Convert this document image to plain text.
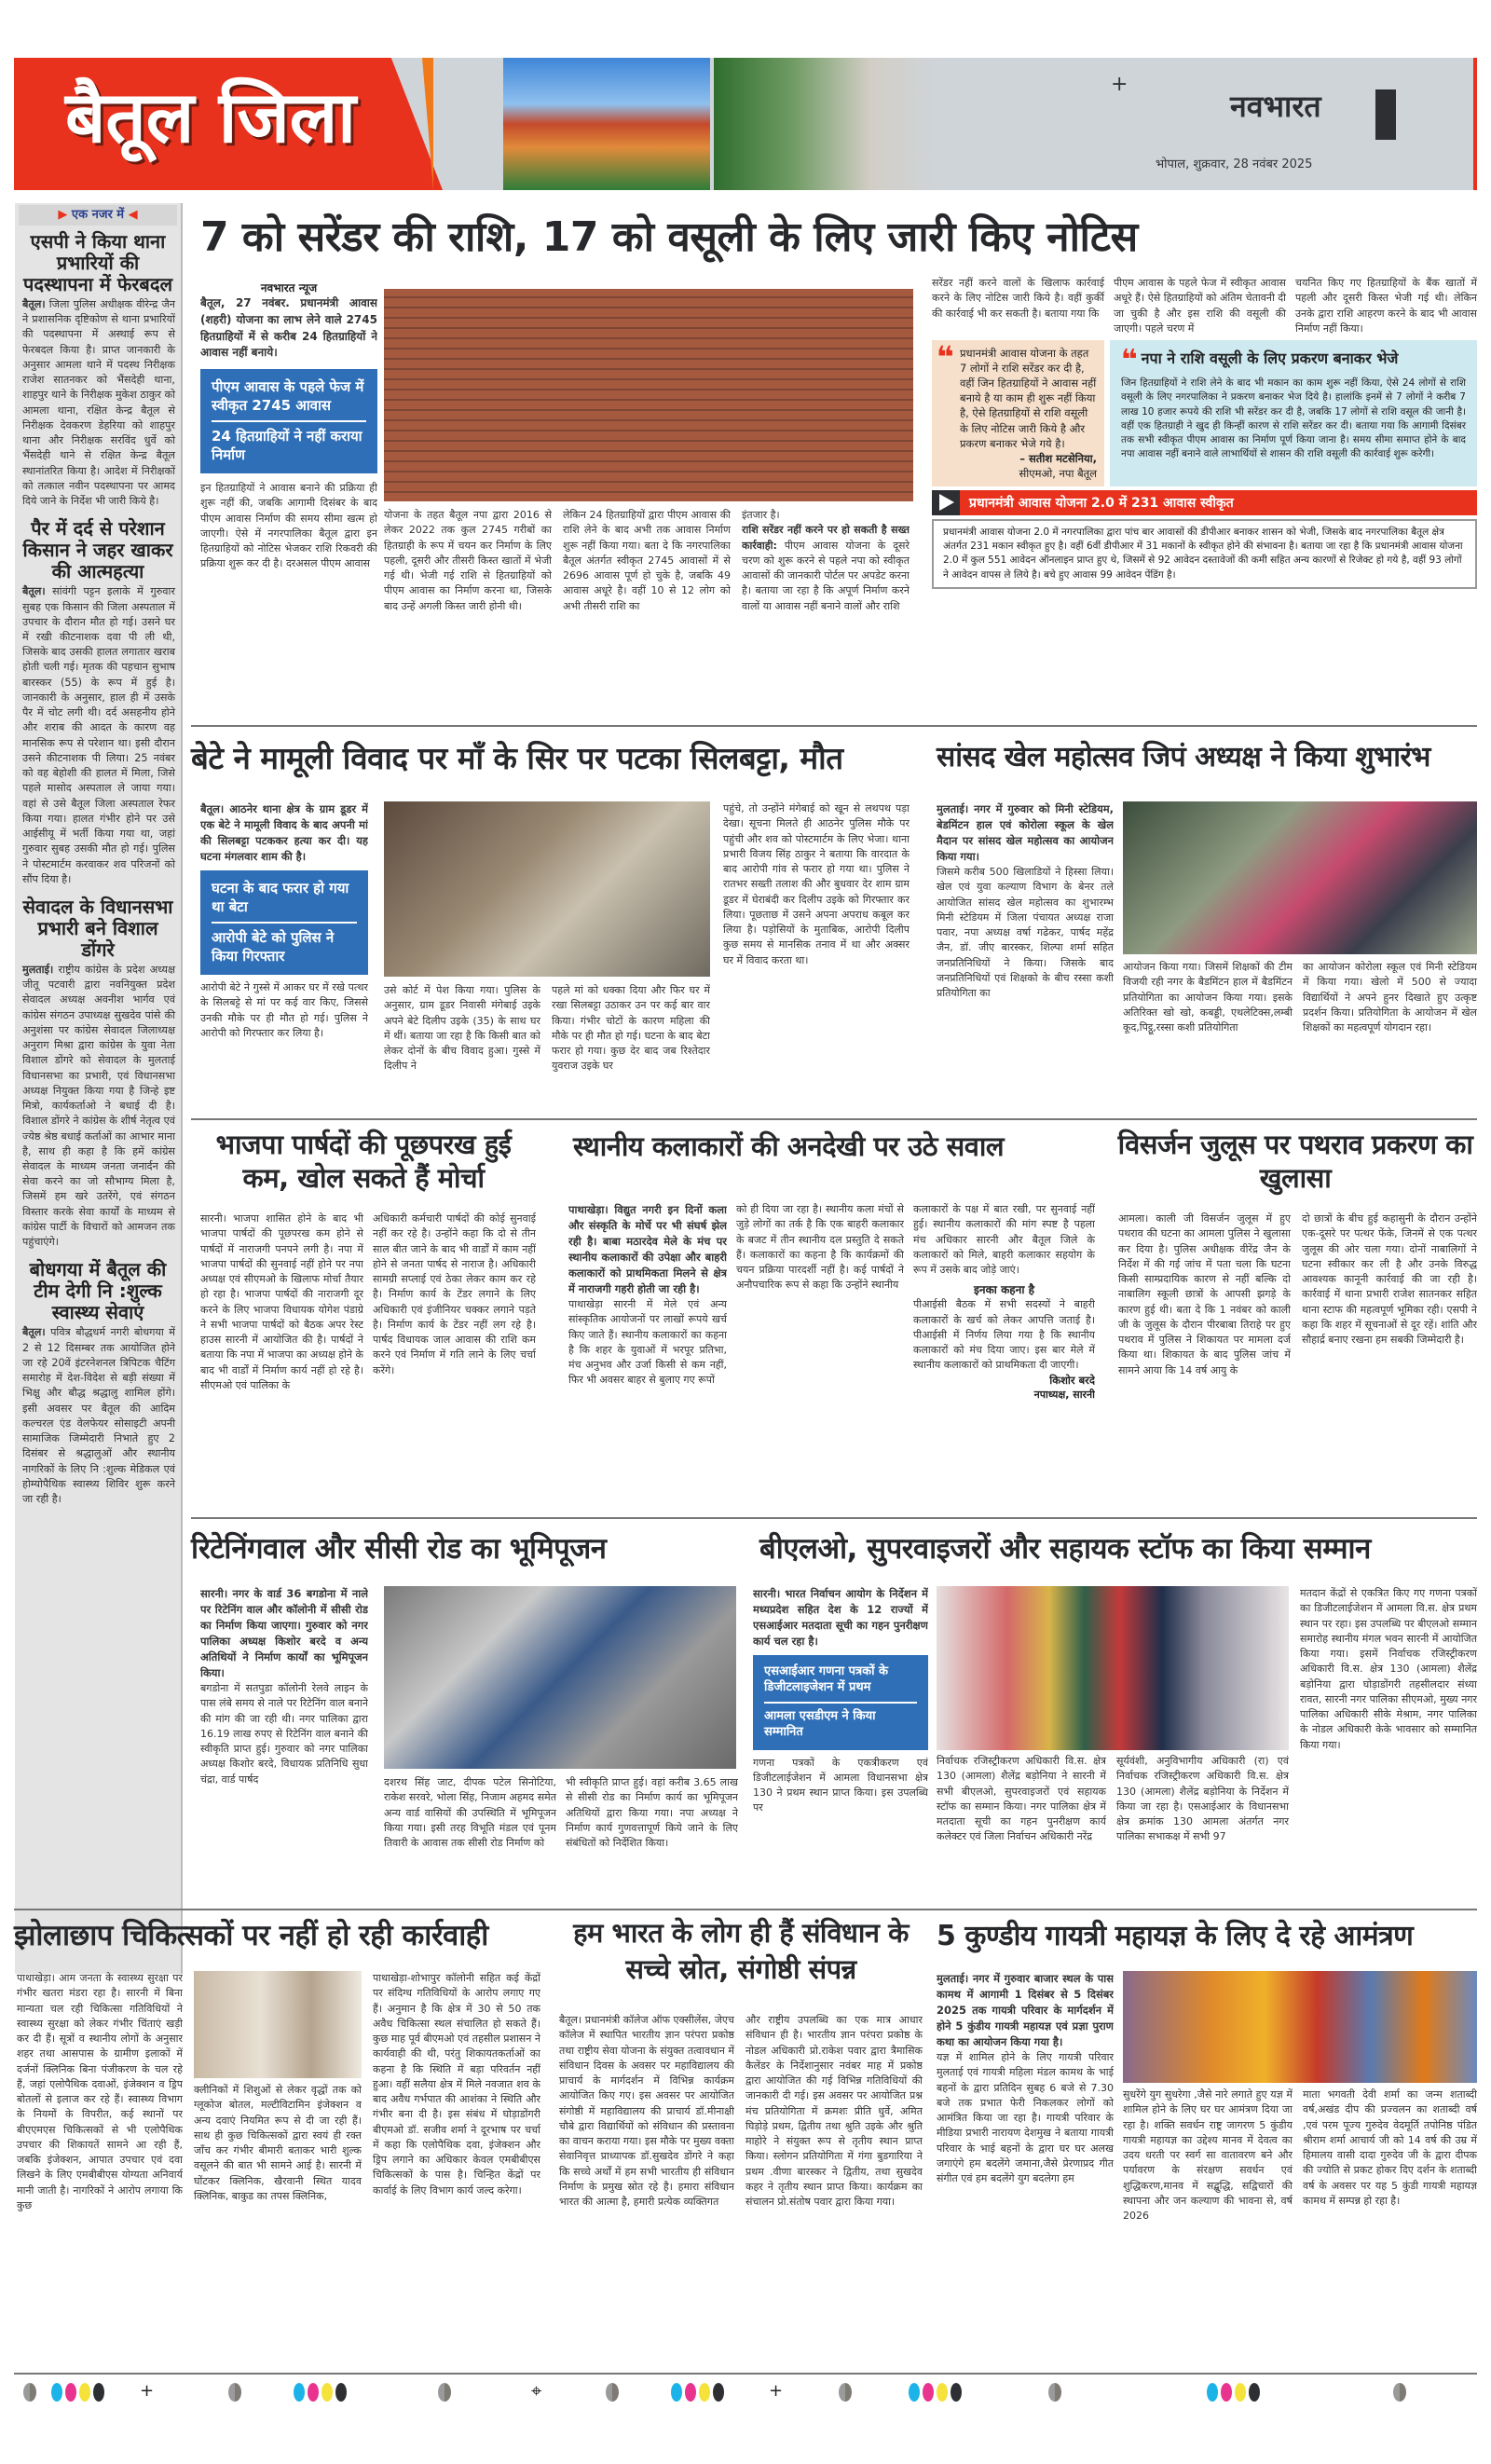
बैतूल जिला	+
नवभारत
भोपाल, शुक्रवार, 28 नवंबर 2025
▶ एक नजर में ◀
एसपी ने किया थाना प्रभारियों की पदस्थापना में फेरबदल
बैतूल। जिला पुलिस अधीक्षक वीरेन्द्र जैन ने प्रशासनिक दृष्टिकोण से थाना प्रभारियों की पदस्थापना में अस्थाई रूप से फेरबदल किया है। प्राप्त जानकारी के अनुसार आमला थाने में पदस्थ निरीक्षक राजेश सातनकर को भैंसदेही थाना, शाहपुर थाने के निरीक्षक मुकेश ठाकुर को आमला थाना, रक्षित केन्द्र बैतूल से निरीक्षक देवकरण डेहरिया को शाहपुर थाना और निरीक्षक सरविंद धुर्वे को भैंसदेही थाने से रक्षित केन्द्र बैतूल स्थानांतरित किया है। आदेश में निरीक्षकों को तत्काल नवीन पदस्थापना पर आमद दिये जाने के निर्देश भी जारी किये है।
पैर में दर्द से परेशान किसान ने जहर खाकर की आत्महत्या
बैतूल। सांवंगी पट्टन इलाके में गुरुवार सुबह एक किसान की जिला अस्पताल में उपचार के दौरान मौत हो गई। उसने घर में रखी कीटनाशक दवा पी ली थी, जिसके बाद उसकी हालत लगातार खराब होती चली गई। मृतक की पहचान सुभाष बारस्कर (55) के रूप में हुई है। जानकारी के अनुसार, हाल ही में उसके पैर में चोट लगी थी। दर्द असहनीय होने और शराब की आदत के कारण वह मानसिक रूप से परेशान था। इसी दौरान उसने कीटनाशक पी लिया। 25 नवंबर को वह बेहोशी की हालत में मिला, जिसे पहले मासोद अस्पताल ले जाया गया। वहां से उसे बैतूल जिला अस्पताल रेफर किया गया। हालत गंभीर होने पर उसे आईसीयू में भर्ती किया गया था, जहां गुरुवार सुबह उसकी मौत हो गई। पुलिस ने पोस्टमार्टम करवाकर शव परिजनों को सौंप दिया है।
सेवादल के विधानसभा प्रभारी बने विशाल डोंगरे
मुलताई। राष्ट्रीय कांग्रेस के प्रदेश अध्यक्ष जीतू पटवारी द्वारा नवनियुक्त प्रदेश सेवादल अध्यक्ष अवनीश भार्गव एवं कांग्रेस संगठन उपाध्यक्ष सुखदेव पांसे की अनुशंसा पर कांग्रेस सेवादल जिलाध्यक्ष अनुराग मिश्रा द्वारा कांग्रेस के युवा नेता विशाल डोंगरे को सेवादल के मुलताई विधानसभा का प्रभारी, एवं विधानसभा अध्यक्ष नियुक्त किया गया है जिन्हे इष्ट मित्रो, कार्यकर्ताओ ने बधाई दी है। विशाल डोंगरे ने कांग्रेस के शीर्ष नेतृत्व एवं ज्येष्ठ श्रेष्ठ बधाई कर्ताओं का आभार माना है, साथ ही कहा है कि हमें कांग्रेस सेवादल के माध्यम जनता जनार्दन की सेवा करने का जो सौभाग्य मिला है, जिसमें हम खरे उतरेंगे, एवं संगठन विस्तार करके सेवा कार्यों के माध्यम से कांग्रेस पार्टी के विचारों को आमजन तक पहुंचाएंगे।
बोधगया में बैतूल की टीम देगी नि :शुल्क स्वास्थ्य सेवाएं
बैतूल। पवित्र बौद्धधर्म नगरी बोधगया में 2 से 12 दिसम्बर तक आयोजित होने जा रहे 20वें इंटरनेशनल त्रिपिटक चैटिंग समारोह में देश-विदेश से बड़ी संख्या में भिक्षु और बौद्ध श्रद्धालु शामिल होंगे। इसी अवसर पर बैतूल की आदिम कल्चरल एंड वेलफेयर सोसाइटी अपनी सामाजिक जिम्मेदारी निभाते हुए 2 दिसंबर से श्रद्धालुओं और स्थानीय नागरिकों के लिए नि :शुल्क मेडिकल एवं होम्योपैथिक स्वास्थ्य शिविर शुरू करने जा रही है।
7 को सरेंडर की राशि, 17 को वसूली के लिए जारी किए नोटिस
नवभारत न्यूज
बैतूल, 27 नवंबर. प्रधानमंत्री आवास (शहरी) योजना का लाभ लेने वाले 2745 हितग्राहियों में से करीब 24 हितग्राहियों ने आवास नहीं बनाये।
पीएम आवास के पहले फेज में स्वीकृत 2745 आवास
24 हितग्राहियों ने नहीं कराया निर्माण
इन हितग्राहियों ने आवास बनाने की प्रक्रिया ही शुरू नहीं की, जबकि आगामी दिसंबर के बाद पीएम आवास निर्माण की समय सीमा खत्म हो जाएगी। ऐसे में नगरपालिका बैतूल द्वारा इन हितग्राहियों को नोटिस भेजकर राशि रिकवरी की प्रक्रिया शुरू कर दी है। दरअसल पीएम आवास
योजना के तहत बैतूल नपा द्वारा 2016 से लेकर 2022 तक कुल 2745 गरीबों का हितग्राही के रूप में चयन कर निर्माण के लिए पहली, दूसरी और तीसरी किस्त खातों में भेजी गई थी। भेजी गई राशि से हितग्राहियों को पीएम आवास का निर्माण करना था, जिसके बाद उन्हें अगली किस्त जारी होनी थी।
लेकिन 24 हितग्राहियों द्वारा पीएम आवास की राशि लेने के बाद अभी तक आवास निर्माण शुरू नहीं किया गया। बता दे कि नगरपालिका बैतूल अंतर्गत स्वीकृत 2745 आवासों में से 2696 आवास पूर्ण हो चुके है, जबकि 49 आवास अधूरे है। वहीं 10 से 12 लोग को अभी तीसरी राशि का
इंतजार है।
राशि सरेंडर नहीं करने पर हो सकती है सख्त कार्रवाही: पीएम आवास योजना के दूसरे चरण को शुरू करने से पहले नपा को स्वीकृत आवासों की जानकारी पोर्टल पर अपडेट करना है। बताया जा रहा है कि अपूर्ण निर्माण करने वालों या आवास नहीं बनाने वालों और राशि
सरेंडर नहीं करने वालों के खिलाफ कार्रवाई करने के लिए नोटिस जारी किये है। वहीं कुर्की की कार्रवाई भी कर सकती है। बताया गया कि
पीएम आवास के पहले फेज में स्वीकृत आवास अधूरे हैं। ऐसे हितग्राहियों को अंतिम चेतावनी दी जा चुकी है और इस राशि की वसूली की जाएगी। पहले चरण में
चयनित किए गए हितग्राहियों के बैंक खातों में पहली और दूसरी किस्त भेजी गई थी। लेकिन उनके द्वारा राशि आहरण करने के बाद भी आवास निर्माण नहीं किया।
❝ प्रधानमंत्री आवास योजना के तहत 7 लोगों ने राशि सरेंडर कर दी है, वहीं जिन हितग्राहियों ने आवास नहीं बनाये है या काम ही शुरू नहीं किया है, ऐसे हितग्राहियों से राशि वसूली के लिए नोटिस जारी किये है और प्रकरण बनाकर भेजे गये है।
– सतीश मटसेनिया,
सीएमओ, नपा बैतूल
❝ नपा ने राशि वसूली के लिए प्रकरण बनाकर भेजे
जिन हितग्राहियों ने राशि लेने के बाद भी मकान का काम शुरू नहीं किया, ऐसे 24 लोगों से राशि वसूली के लिए नगरपालिका ने प्रकरण बनाकर भेज दिये है। हालांकि इनमें से 7 लोगों ने करीब 7 लाख 10 हजार रूपये की राशि भी सरेंडर कर दी है, जबकि 17 लोगों से राशि वसूल की जानी है। वहीं एक हितग्राही ने खुद ही किन्हीं कारण से राशि सरेंडर कर दी। बताया गया कि आगामी दिसंबर तक सभी स्वीकृत पीएम आवास का निर्माण पूर्ण किया जाना है। समय सीमा समाप्त होने के बाद नपा आवास नहीं बनाने वाले लाभार्थियों से शासन की राशि वसूली की कार्रवाई शुरू करेगी।
प्रधानमंत्री आवास योजना 2.0 में 231 आवास स्वीकृत
प्रधानमंत्री आवास योजना 2.0 में नगरपालिका द्वारा पांच बार आवासों की डीपीआर बनाकर शासन को भेजी, जिसके बाद नगरपालिका बैतूल क्षेत्र अंतर्गत 231 मकान स्वीकृत हुए है। वहीं 6वीं डीपीआर में 31 मकानों के स्वीकृत होने की संभावना है। बताया जा रहा है कि प्रधानमंत्री आवास योजना 2.0 में कुल 551 आवेदन ऑनलाइन प्राप्त हुए थे, जिसमें से 92 आवेदन दस्तावेजों की कमी सहित अन्य कारणों से रिजेक्ट हो गये है, वहीं 93 लोगों ने आवेदन वापस ले लिये है। बचे हुए आवास 99 आवेदन पेंडिंग है।
बेटे ने मामूली विवाद पर माँ के सिर पर पटका सिलबट्टा, मौत
बैतूल। आठनेर थाना क्षेत्र के ग्राम डूडर में एक बेटे ने मामूली विवाद के बाद अपनी मां की सिलबट्टा पटककर हत्या कर दी। यह घटना मंगलवार शाम की है।
घटना के बाद फरार हो गया था बेटा
आरोपी बेटे को पुलिस ने किया गिरफ्तार
आरोपी बेटे ने गुस्से में आकर घर में रखे पत्थर के सिलबट्टे से मां पर कई वार किए, जिससे उनकी मौके पर ही मौत हो गई। पुलिस ने आरोपी को गिरफ्तार कर लिया है।
उसे कोर्ट में पेश किया गया। पुलिस के अनुसार, ग्राम डूडर निवासी मंगेबाई उइके अपने बेटे दिलीप उइके (35) के साथ घर में थीं। बताया जा रहा है कि किसी बात को लेकर दोनों के बीच विवाद हुआ। गुस्से में दिलीप ने
पहले मां को धक्का दिया और फिर घर में रखा सिलबट्टा उठाकर उन पर कई बार वार किया। गंभीर चोटों के कारण महिला की मौके पर ही मौत हो गई। घटना के बाद बेटा फरार हो गया। कुछ देर बाद जब रिश्तेदार युवराज उइके घर
पहुंचे, तो उन्होंने मंगेबाई को खून से लथपथ पड़ा देखा। सूचना मिलते ही आठनेर पुलिस मौके पर पहुंची और शव को पोस्टमार्टम के लिए भेजा। थाना प्रभारी विजय सिंह ठाकुर ने बताया कि वारदात के बाद आरोपी गांव से फरार हो गया था। पुलिस ने रातभर सख्ती तलाश की और बुधवार देर शाम ग्राम डूडर में घेराबंदी कर दिलीप उइके को गिरफ्तार कर लिया। पूछताछ में उसने अपना अपराध कबूल कर लिया है। पड़ोसियों के मुताबिक, आरोपी दिलीप कुछ समय से मानसिक तनाव में था और अक्सर घर में विवाद करता था।
सांसद खेल महोत्सव जिपं अध्यक्ष ने किया शुभारंभ
मुलताई। नगर में गुरुवार को मिनी स्टेडियम, बेडमिंटन हाल एवं कोरोला स्कूल के खेल मैदान पर सांसद खेल महोत्सव का आयोजन किया गया।
जिसमे करीब 500 खिलाडियों ने हिस्सा लिया। खेल एवं युवा कल्याण विभाग के बेनर तले आयोजित सांसद खेल महोत्सव का शुभारम्भ मिनी स्टेडियम में जिला पंचायत अध्यक्ष राजा पवार, नपा अध्यक्ष वर्षा गढेकर, पार्षद महेंद्र जैन, डॉ. जीए बारस्कर, शिल्पा शर्मा सहित जनप्रतिनिधियों ने किया। जिसके बाद जनप्रतिनिधियों एवं शिक्षको के बीच रस्सा कशी प्रतियोगिता का
आयोजन किया गया। जिसमें शिक्षकों की टीम विजयी रही नगर के बैडमिंटन हाल में बैडमिंटन प्रतियोगिता का आयोजन किया गया। इसके अतिरिक्त खो खो, कबड्डी, एथलेटिक्स,लम्बी कूद,पिट्ठू,रस्सा कशी प्रतियोगिता
का आयोजन कोरोला स्कूल एवं मिनी स्टेडियम में किया गया। खेलो में 500 से ज्यादा विद्यार्थियों ने अपने हुनर दिखाते हुए उत्कृष्ट प्रदर्शन किया। प्रतियोगिता के आयोजन में खेल शिक्षकों का महत्वपूर्ण योगदान रहा।
भाजपा पार्षदों की पूछपरख हुई कम, खोल सकते हैं मोर्चा
सारनी। भाजपा शासित होने के बाद भी भाजपा पार्षदों की पूछपरख कम होने से पार्षदों में नाराजगी पनपने लगी है। नपा में भाजपा पार्षदों की सुनवाई नहीं होने पर नपा अध्यक्ष एवं सीएमओ के खिलाफ मोर्चा तैयार हो रहा है। भाजपा पार्षदों की नाराजगी दूर करने के लिए भाजपा विधायक योगेश पंडाग्रे ने सभी भाजपा पार्षदों को बैठक अपर रेस्ट हाउस सारनी में आयोजित की है। पार्षदों ने बताया कि नपा में भाजपा का अध्यक्ष होने के बाद भी वार्डों में निर्माण कार्य नहीं हो रहे है। सीएमओ एवं पालिका के
अधिकारी कर्मचारी पार्षदों की कोई सुनवाई नहीं कर रहे है। उन्होंने कहा कि दो से तीन साल बीत जाने के बाद भी वार्डों में काम नहीं होने से जनता पार्षद से नाराज है। अधिकारी सामग्री सप्लाई एवं ठेका लेकर काम कर रहे है। निर्माण कार्य के टेंडर लगाने के लिए अधिकारी एवं इंजीनियर चक्कर लगाने पड़ते है। निर्माण कार्य के टेंडर नहीं लग रहे है। पार्षद विधायक जाल आवास की राशि कम करने एवं निर्माण में गति लाने के लिए चर्चा करेंगे।
स्थानीय कलाकारों की अनदेखी पर उठे सवाल
पाथाखेड़ा। विद्युत नगरी इन दिनों कला और संस्कृति के मोर्चे पर भी संघर्ष झेल रही है। बाबा मठारदेव मेले के मंच पर स्थानीय कलाकारों की उपेक्षा और बाहरी कलाकारों को प्राथमिकता मिलने से क्षेत्र में नाराजगी गहरी होती जा रही है।
पाथाखेड़ा सारनी में मेले एवं अन्य सांस्कृतिक आयोजनों पर लाखों रूपये खर्च किए जाते हैं। स्थानीय कलाकारों का कहना है कि शहर के युवाओं में भरपूर प्रतिभा, मंच अनुभव और उर्जा किसी से कम नहीं, फिर भी अवसर बाहर से बुलाए गए रूपों
को ही दिया जा रहा है। स्थानीय कला मंचों से जुड़े लोगों का तर्क है कि एक बाहरी कलाकार के बजट में तीन स्थानीय दल प्रस्तुति दे सकते हैं। कलाकारों का कहना है कि कार्यक्रमों की चयन प्रक्रिया पारदर्शी नहीं है। कई पार्षदों ने अनौपचारिक रूप से कहा कि उन्होंने स्थानीय
कलाकारों के पक्ष में बात रखी, पर सुनवाई नहीं हुई। स्थानीय कलाकारों की मांग स्पष्ट है पहला मंच अधिकार सारनी और बैतूल जिले के कलाकारों को मिले, बाहरी कलाकार सहयोग के रूप में उसके बाद जोड़े जाएं।
इनका कहना है
पीआईसी बैठक में सभी सदस्यों ने बाहरी कलाकारों के खर्च को लेकर आपत्ति जताई है। पीआईसी में निर्णय लिया गया है कि स्थानीय कलाकारों को मंच दिया जाए। इस बार मेले में स्थानीय कलाकारों को प्राथमिकता दी जाएगी।
किशोर बरदे
नपाध्यक्ष, सारनी
विसर्जन जुलूस पर पथराव प्रकरण का खुलासा
आमला। काली जी विसर्जन जुलूस में हुए पथराव की घटना का आमला पुलिस ने खुलासा कर दिया है। पुलिस अधीक्षक वीरेंद्र जैन के निर्देश में की गई जांच में पता चला कि घटना किसी साम्प्रदायिक कारण से नहीं बल्कि दो नाबालिग स्कूली छात्रों के आपसी झगड़े के कारण हुई थी। बता दे कि 1 नवंबर को काली जी के जुलूस के दौरान पीरबाबा तिराहे पर हुए पथराव में पुलिस ने शिकायत पर मामला दर्ज किया था। शिकायत के बाद पुलिस जांच में सामने आया कि 14 वर्ष आयु के
दो छात्रों के बीच हुई कहासुनी के दौरान उन्होंने एक-दूसरे पर पत्थर फेंके, जिनमें से एक पत्थर जुलूस की ओर चला गया। दोनों नाबालिगों ने घटना स्वीकार कर ली है और उनके विरुद्ध आवश्यक कानूनी कार्रवाई की जा रही है। कार्रवाई में थाना प्रभारी राजेश सातनकर सहित थाना स्टाफ की महत्वपूर्ण भूमिका रही। एसपी ने कहा कि शहर में सूचनाओं से दूर रहें। शांति और सौहार्द्र बनाए रखना हम सबकी जिम्मेदारी है।
रिटेनिंगवाल और सीसी रोड का भूमिपूजन
सारनी। नगर के वार्ड 36 बगडोना में नाले पर रिटेनिंग वाल और कॉलोनी में सीसी रोड का निर्माण किया जाएगा। गुरुवार को नगर पालिका अध्यक्ष किशोर बरदे व अन्य अतिथियों ने निर्माण कार्यों का भूमिपूजन किया।
बगडोना में सतपुडा कॉलोनी रेलवे लाइन के पास लंबे समय से नाले पर रिटेनिंग वाल बनाने की मांग की जा रही थी। नगर पालिका द्वारा 16.19 लाख रुपए से रिटेनिंग वाल बनाने की स्वीकृति प्राप्त हुई। गुरुवार को नगर पालिका अध्यक्ष किशोर बरदे, विधायक प्रतिनिधि सुधा चंद्रा, वार्ड पार्षद	दशरथ सिंह जाट, दीपक पटेल सिनोटिया, राकेश सरवरे, भोला सिंह, निजाम अहमद समेत अन्य वार्ड वासियों की उपस्थिति में भूमिपूजन किया गया। इसी तरह विभूति मंडल एवं पूनम तिवारी के आवास तक सीसी रोड निर्माण को
भी स्वीकृति प्राप्त हुई। वहां करीब 3.65 लाख से सीसी रोड का निर्माण कार्य का भूमिपूजन अतिथियों द्वारा किया गया। नपा अध्यक्ष ने निर्माण कार्य गुणवत्तापूर्ण किये जाने के लिए संबंधितों को निर्देशित किया।
बीएलओ, सुपरवाइजरों और सहायक स्टॉफ का किया सम्मान
सारनी। भारत निर्वाचन आयोग के निर्देशन में मध्यप्रदेश सहित देश के 12 राज्यों में एसआईआर मतदाता सूची का गहन पुनरीक्षण कार्य चल रहा है।
एसआईआर गणना पत्रकों के डिजीटलाइजेशन में प्रथम
आमला एसडीएम ने किया सम्मानित
गणना पत्रकों के एकत्रीकरण एवं डिजीटलाईजेशन में आमला विधानसभा क्षेत्र 130 ने प्रथम स्थान प्राप्त किया। इस उपलब्धि पर
निर्वाचक रजिस्ट्रीकरण अधिकारी वि.स. क्षेत्र 130 (आमला) शैलेंद्र बड़ोनिया ने सारनी में सभी बीएलओ, सुपरवाइजरों एवं सहायक स्टॉफ का सम्मान किया। नगर पालिका क्षेत्र में मतदाता सूची का गहन पुनरीक्षण कार्य कलेक्टर एवं जिला निर्वाचन अधिकारी नरेंद्र
सूर्यवंशी, अनुविभागीय अधिकारी (रा) एवं निर्वाचक रजिस्ट्रीकरण अधिकारी वि.स. क्षेत्र 130 (आमला) शैलेंद्र बड़ोनिया के निर्देशन में किया जा रहा है। एसआईआर के विधानसभा क्षेत्र क्रमांक 130 आमला अंतर्गत नगर पालिका सभाकक्ष में सभी 97
मतदान केंद्रों से एकत्रित किए गए गणना पत्रकों का डिजीटलाईजेशन में आमला वि.स. क्षेत्र प्रथम स्थान पर रहा। इस उपलब्धि पर बीएलओ सम्मान समारोह स्थानीय मंगल भवन सारनी में आयोजित किया गया। इसमें निर्वाचक रजिस्ट्रीकरण अधिकारी वि.स. क्षेत्र 130 (आमला) शैलेंद्र बड़ोनिया द्वारा घोड़ाडोंगरी तहसीलदार संध्या रावत, सारनी नगर पालिका सीएमओ, मुख्य नगर पालिका अधिकारी सीके मेश्राम, नगर पालिका के नोडल अधिकारी केके भावसार को सम्मानित किया गया।
झोलाछाप चिकित्सकों पर नहीं हो रही कार्रवाही
पाथाखेड़ा। आम जनता के स्वास्थ्य सुरक्षा पर गंभीर खतरा मंडरा रहा है। सारनी में बिना मान्यता चल रही चिकित्सा गतिविधियों ने स्वास्थ्य सुरक्षा को लेकर गंभीर चिंताएं खड़ी कर दी हैं। सूत्रों व स्थानीय लोगों के अनुसार शहर तथा आसपास के ग्रामीण इलाकों में दर्जनों क्लिनिक बिना पंजीकरण के चल रहे हैं, जहां एलोपैथिक दवाओं, इंजेक्शन व ड्रिप बोतलों से इलाज कर रहे हैं। स्वास्थ्य विभाग के नियमों के विपरीत, कई स्थानों पर बीएएमएस चिकित्सकों से भी एलोपैथिक उपचार की शिकायतें सामने आ रही हैं, जबकि इंजेक्शन, आपात उपचार एवं दवा लिखने के लिए एमबीबीएस योग्यता अनिवार्य मानी जाती है। नागरिकों ने आरोप लगाया कि कुछ
क्लीनिकों में शिशुओं से लेकर वृद्धों तक को ग्लूकोज बोतल, मल्टीविटामिन इंजेक्शन व अन्य दवाएं नियमित रूप से दी जा रही हैं। साथ ही कुछ चिकित्सकों द्वारा स्वयं ही रक्त जाँच कर गंभीर बीमारी बताकर भारी शुल्क वसूलने की बात भी सामने आई है। सारनी में घोंटकर क्लिनिक, खैरवानी स्थित यादव क्लिनिक, बाकुड का तपस क्लिनिक,
पाथाखेड़ा-शोभापुर कॉलोनी सहित कई केंद्रों पर संदिग्ध गतिविधियों के आरोप लगाए गए हैं। अनुमान है कि क्षेत्र में 30 से 50 तक अवैध चिकित्सा स्थल संचालित हो सकते हैं। कुछ माह पूर्व बीएमओ एवं तहसील प्रशासन ने कार्यवाही की थी, परंतु शिकायतकर्ताओं का कहना है कि स्थिति में बड़ा परिवर्तन नहीं हुआ। वहीं सलैया क्षेत्र में मिले नवजात शव के बाद अवैध गर्भपात की आशंका ने स्थिति और गंभीर बना दी है। इस संबंध में घोड़ाडोंगरी बीएमओ डॉ. सजीव शर्मा ने दूरभाष पर चर्चा में कहा कि एलोपैथिक दवा, इंजेक्शन और ड्रिप लगाने का अधिकार केवल एमबीबीएस चिकित्सकों के पास है। चिन्हित केंद्रों पर कार्वाई के लिए विभाग कार्य जल्द करेगा।
हम भारत के लोग ही हैं संविधान के सच्चे स्रोत, संगोष्ठी संपन्न
बैतूल। प्रधानमंत्री कॉलेज ऑफ एक्सीलेंस, जेएच कॉलेज में स्थापित भारतीय ज्ञान परंपरा प्रकोष्ठ तथा राष्ट्रीय सेवा योजना के संयुक्त तत्वावधान में संविधान दिवस के अवसर पर महाविद्यालय की प्राचार्य के मार्गदर्शन में विभिन्न कार्यक्रम आयोजित किए गए। इस अवसर पर आयोजित संगोष्ठी में महाविद्यालय की प्राचार्य डॉ.मीनाक्षी चौबे द्वारा विद्यार्थियों को संविधान की प्रस्तावना का वाचन कराया गया। इस मौके पर मुख्य वक्ता सेवानिवृत्त प्राध्यापक डॉ.सुखदेव डोंगरे ने कहा कि सच्चे अर्थों में हम सभी भारतीय ही संविधान निर्माण के प्रमुख स्रोत रहे है। हमारा संविधान भारत की आत्मा है, हमारी प्रत्येक व्यक्तिगत
और राष्ट्रीय उपलब्धि का एक मात्र आधार संविधान ही है। भारतीय ज्ञान परंपरा प्रकोष्ठ के नोडल अधिकारी प्रो.राकेश पवार द्वारा त्रैमासिक कैलेंडर के निर्देशानुसार नवंबर माह में प्रकोष्ठ द्वारा आयोजित की गई विभिन्न गतिविधियों की जानकारी दी गई। इस अवसर पर आयोजित प्रश्न मंच प्रतियोगिता में क्रमशः प्रीति धुर्वे, अमित घिड़ोड़े प्रथम, द्वितीय तथा श्रुति उइके और श्रुति माहोरे ने संयुक्त रूप से तृतीय स्थान प्राप्त किया। स्लोगन प्रतियोगिता में गंगा बुडगारिया ने प्रथम .वीणा बारस्कर ने द्वितीय, तथा सुखदेव कहर ने तृतीय स्थान प्राप्त किया। कार्यक्रम का संचालन प्रो.संतोष पवार द्वारा किया गया।
5 कुण्डीय गायत्री महायज्ञ के लिए दे रहे आमंत्रण
मुलताई। नगर में गुरुवार बाजार स्थल के पास कामथ में आगामी 1 दिसंबर से 5 दिसंबर 2025 तक गायत्री परिवार के मार्गदर्शन में होने 5 कुंडीय गायत्री महायज्ञ एवं प्रज्ञा पुराण कथा का आयोजन किया गया है।
यज्ञ में शामिल होने के लिए गायत्री परिवार मुलताई एवं गायत्री महिला मंडल कामथ के भाई बहनों के द्वारा प्रतिदिन सुबह 6 बजे से 7.30 बजे तक प्रभात फेरी निकलकर लोगों को आमंत्रित किया जा रहा है। गायत्री परिवार के मीडिया प्रभारी नारायण देशमुख ने बताया गायत्री परिवार के भाई बहनों के द्वारा घर घर अलख जगाएंगे हम बदलेंगे जमाना,जैसे प्रेरणाप्रद गीत संगीत एवं हम बदलेंगे युग बदलेगा हम
सुधरेंगे युग सुधरेगा ,जैसे नारे लगाते हुए यज्ञ में शामिल होने के लिए घर घर आमंत्रण दिया जा रहा है। शक्ति सवर्धन राष्ट्र जागरण 5 कुंडीय गायत्री महायज्ञ का उद्देश्य मानव में देवत्व का उदय धरती पर स्वर्ग सा वातावरण बने और पर्यावरण के संरक्षण सवर्धन एवं शुद्धिकरण,मानव में सद्बुद्धि, सद्विचारों की स्थापना और जन कल्याण की भावना से, वर्ष 2026
माता भगवती देवी शर्मा का जन्म शताब्दी वर्ष,अखंड दीप की प्रज्वलन का शताब्दी वर्ष ,एवं परम पूज्य गुरुदेव वेदमूर्ति तपोनिष्ठ पंडित श्रीराम शर्मा आचार्य जी को 14 वर्ष की उम्र में हिमालय वासी दादा गुरुदेव जी के द्वारा दीपक की ज्योति से प्रकट होकर दिए दर्शन के शताब्दी वर्ष के अवसर पर यह 5 कुंडी गायत्री महायज्ञ कामथ में सम्पन्न हो रहा है।
+	⌖	+
